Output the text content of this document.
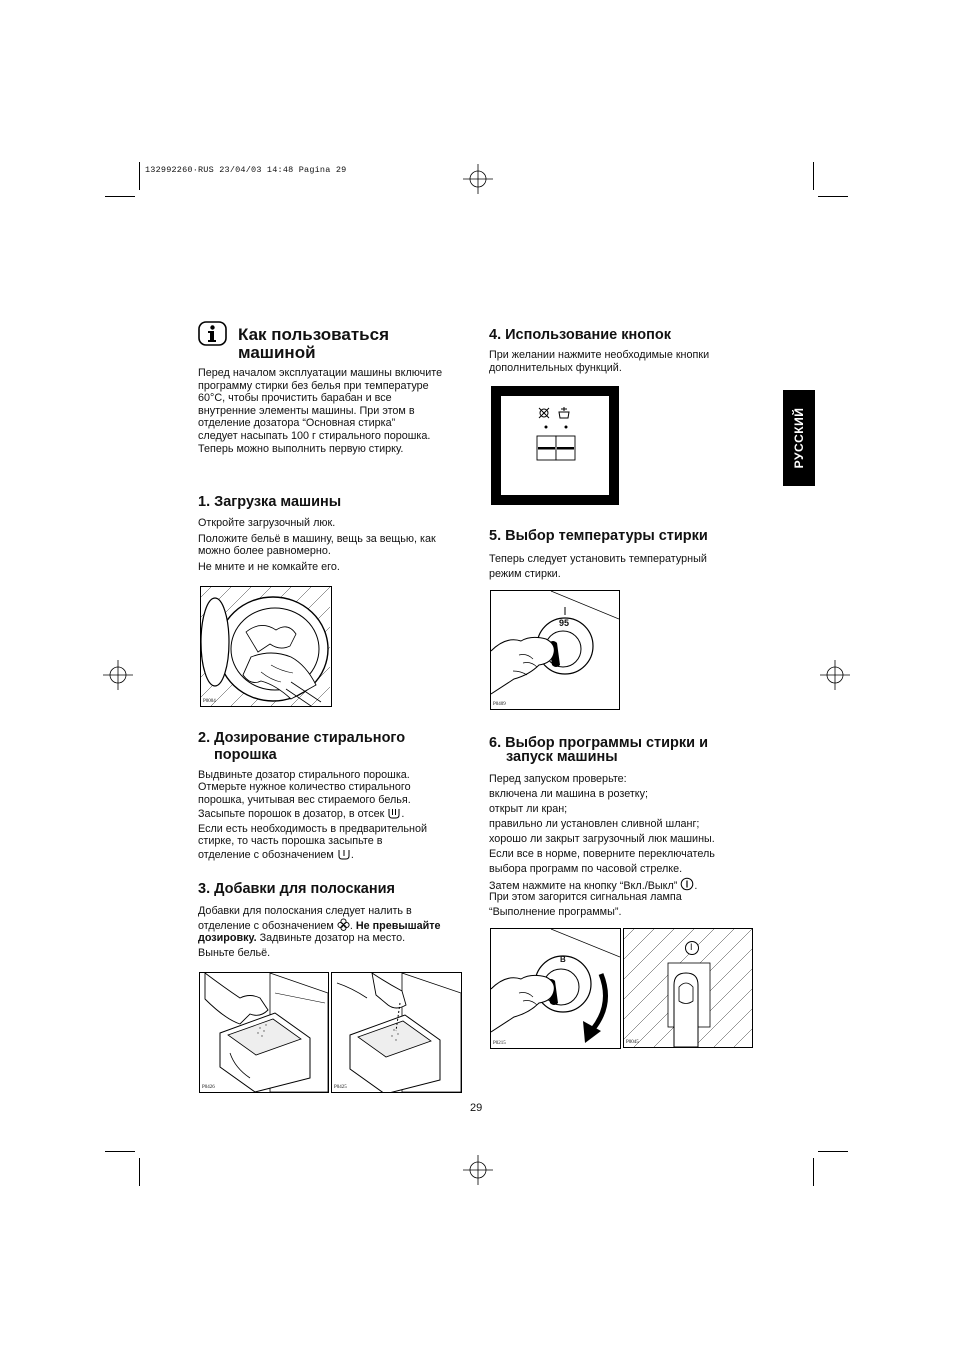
132992260·RUS 23/04/03 14:48 Pagina 29
РУССКИЙ
Как пользоваться
машиной
Перед началом эксплуатации машины включите
программу стирки без белья при температуре
60°C, чтобы прочистить барабан и все
внутренние элементы машины. При этом в
отделение дозатора “Основная стирка”
следует насыпать 100 г стирального порошка.
Теперь можно выполнить первую стирку.
1. Загрузка машины
Откройте загрузочный люк.
Положите бельё в машину, вещь за вещью, как
можно более равномерно.
Не мните и не комкайте его.
P0004
2. Дозирование стирального
порошка
Выдвиньте дозатор стирального порошка.
Отмерьте нужное количество стирального
порошка, учитывая вес стираемого белья.
Засыпьте порошок в дозатор, в отсек .
Если есть необходимость в предварительной
стирке, то часть порошка засыпьте в
отделение с обозначением .
3. Добавки для полоскания
Добавки для полоскания следует налить в
отделение с обозначением . Не превышайте
дозировку. Задвиньте дозатор на место.
Выньте бельё.
P0426	P0425
4. Использование кнопок
При желании нажмите необходимые кнопки
дополнительных функций.
5. Выбор температуры стирки
Теперь следует установить температурный
режим стирки.
95
P0409
6. Выбор программы стирки и
запуск машины
Перед запуском проверьте:
включена ли машина в розетку;
открыт ли кран;
правильно ли установлен сливной шланг;
хорошо ли закрыт загрузочный люк машины.
Если все в норме, поверните переключатель
выбора программ по часовой стрелке.
Затем нажмите на кнопку “Вкл./Выкл” .
При этом загорится сигнальная лампа
“Выполнение программы”.
B
P0215
I
P0045
29
